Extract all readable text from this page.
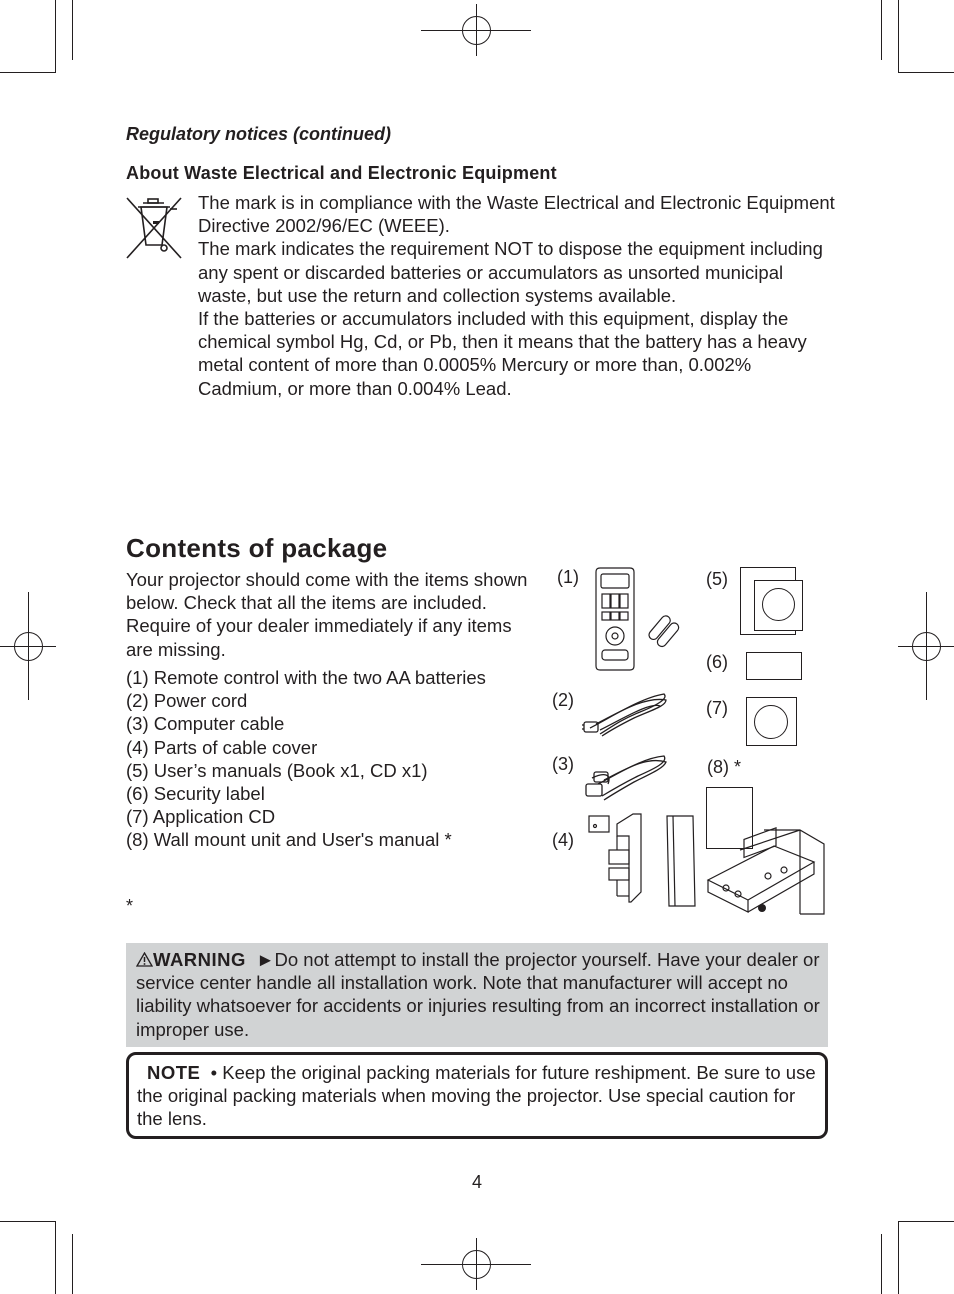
Regulatory notices (continued)
About Waste Electrical and Electronic Equipment

The mark is in compliance with the Waste Electrical and Electronic Equipment Directive 2002/96/EC (WEEE).

The mark indicates the requirement NOT to dispose the equipment including any spent or discarded batteries or accumulators as unsorted municipal waste, but use the return and collection systems available.

If the batteries or accumulators included with this equipment, display the chemical symbol Hg, Cd, or Pb, then it means that the battery has a heavy metal content of more than 0.0005% Mercury or more than, 0.002% Cadmium, or more than 0.004% Lead.

Contents of package

Your projector should come with the items shown below. Check that all the items are included. Require of your dealer immediately if any items are missing.

(1) Remote control with the two AA batteries
(2) Power cord
(3) Computer cable
(4) Parts of cable cover
(5) User’s manuals (Book x1, CD x1)
(6) Security label
(7) Application CD
(8) Wall mount unit and User's manual *
*
(1)
(2)
(3)
(4)
(5)
(6)
(7)
(8) *
WARNING ►Do not attempt to install the projector yourself. Have your dealer or service center handle all installation work. Note that manufacturer will accept no liability whatsoever for accidents or injuries resulting from an incorrect installation or improper use.
NOTE • Keep the original packing materials for future reshipment. Be sure to use the original packing materials when moving the projector. Use special caution for the lens.
4
